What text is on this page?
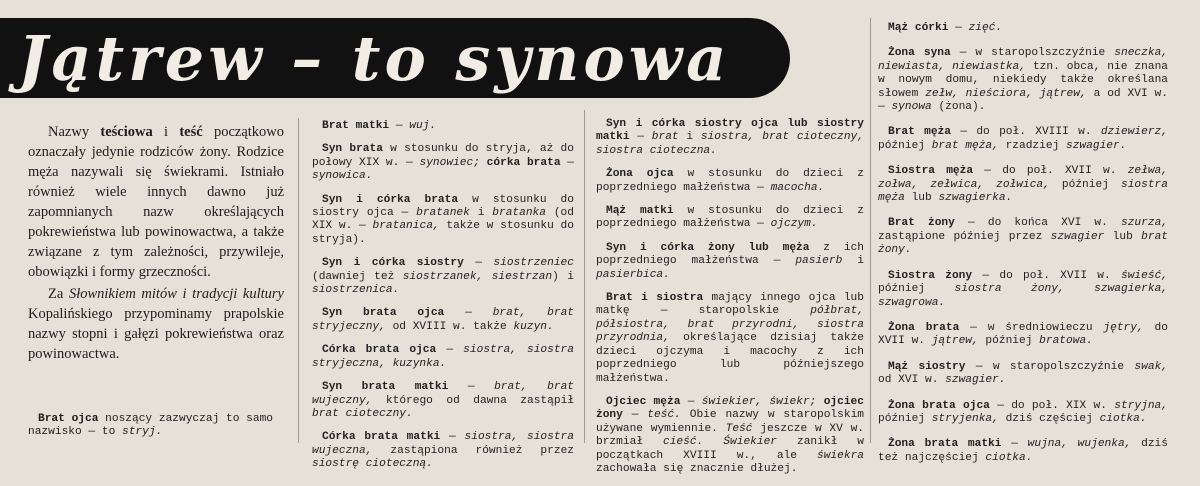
Jątrew – to synowa

Nazwy teściowa i teść początkowo oznaczały jedynie rodziców żony. Rodzice męża nazywali się świekrami. Istniało również wiele innych dawno już zapomnianych nazw określających pokrewieństwa lub powinowactwa, a także związane z tym zależności, przywileje, obowiązki i formy grzeczności.

Za Słownikiem mitów i tradycji kultury Kopalińskiego przypominamy prapolskie nazwy stopni i gałęzi pokrewieństwa oraz powinowactwa.

Brat ojca noszący zazwyczaj to samo nazwisko — to stryj.

Brat matki — wuj.

Syn brata w stosunku do stryja, aż do połowy XIX w. — synowiec; córka brata — synowica.

Syn i córka brata w stosunku do siostry ojca — bratanek i bratanka (od XIX w. — bratanica, także w stosunku do stryja).

Syn i córka siostry — siostrzeniec (dawniej też siostrzanek, siestrzan) i siostrzenica.

Syn brata ojca — brat, brat stryjeczny, od XVIII w. także kuzyn.

Córka brata ojca — siostra, siostra stryjeczna, kuzynka.

Syn brata matki — brat, brat wujeczny, którego od dawna zastąpił brat cioteczny.

Córka brata matki — siostra, siostra wujeczna, zastąpiona również przez siostrę cioteczną.

Syn i córka siostry ojca lub siostry matki — brat i siostra, brat cioteczny, siostra cioteczna.

Żona ojca w stosunku do dzieci z poprzedniego małżeństwa — macocha.

Mąż matki w stosunku do dzieci z poprzedniego małżeństwa — ojczym.

Syn i córka żony lub męża z ich poprzedniego małżeństwa — pasierb i pasierbica.

Brat i siostra mający innego ojca lub matkę — staropolskie półbrat, półsiostra, brat przyrodni, siostra przyrodnia, określające dzisiaj także dzieci ojczyma i macochy z ich poprzedniego lub późniejszego małżeństwa.

Ojciec męża — świekier, świekr; ojciec żony — teść. Obie nazwy w staropolskim używane wymiennie. Teść jeszcze w XV w. brzmiał cieść. Świekier zanikł w początkach XVIII w., ale świekra zachowała się znacznie dłużej.

Mąż córki — zięć.

Żona syna — w staropolszczyźnie sneczka, niewiasta, niewiastka, tzn. obca, nie znana w nowym domu, niekiedy także określana słowem zełw, nieściora, jątrew, a od XVI w. — synowa (żona).

Brat męża — do poł. XVIII w. dziewierz, później brat męża, rzadziej szwagier.

Siostra męża — do poł. XVII w. zełwa, zołwa, zełwica, zołwica, później siostra męża lub szwagierka.

Brat żony — do końca XVI w. szurza, zastąpione później przez szwagier lub brat żony.

Siostra żony — do poł. XVII w. świeść, później siostra żony, szwagierka, szwagrowa.

Żona brata — w średniowieczu jętry, do XVII w. jątrew, później bratowa.

Mąż siostry — w staropolszczyźnie swak, od XVI w. szwagier.

Żona brata ojca — do poł. XIX w. stryjna, później stryjenka, dziś częściej ciotka.

Żona brata matki — wujna, wujenka, dziś też najczęściej ciotka.
